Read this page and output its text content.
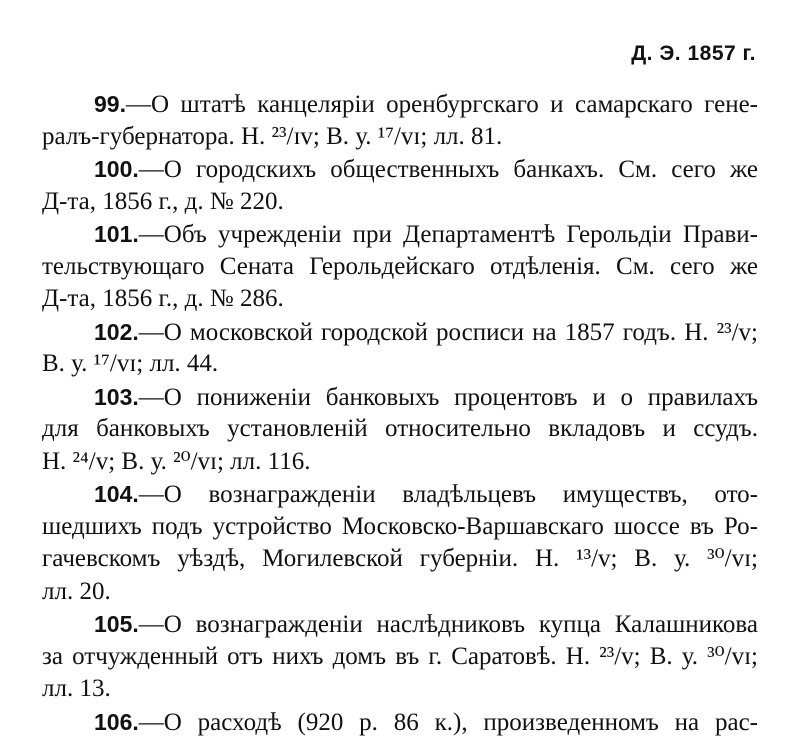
Д. Э. 1857 г.
99.—О штатѣ канцеляріи оренбургскаго и самарскаго гене-
ралъ-губернатора. Н. ²³/ɪv; В. у. ¹⁷/ᴠɪ; лл. 81.
100.—О городскихъ общественныхъ банкахъ. См. сего же
Д-та, 1856 г., д. № 220.
101.—Объ учрежденіи при Департаментѣ Герольдіи Прави-
тельствующаго Сената Герольдейскаго отдѣленія. См. сего же
Д-та, 1856 г., д. № 286.
102.—О московской городской росписи на 1857 годъ. Н. ²³/ᴠ;
В. у. ¹⁷/ᴠɪ; лл. 44.
103.—О пониженіи банковыхъ процентовъ и о правилахъ
для банковыхъ установленій относительно вкладовъ и ссудъ.
Н. ²⁴/ᴠ; В. у. ²⁰/ᴠɪ; лл. 116.
104.—О вознагражденіи владѣльцевъ имуществъ, ото-
шедшихъ подъ устройство Московско-Варшавскаго шоссе въ Ро-
гачевскомъ уѣздѣ, Могилевской губерніи. Н. ¹³/ᴠ; В. у. ³⁰/ᴠɪ;
лл. 20.
105.—О вознагражденіи наслѣдниковъ купца Калашникова
за отчужденный отъ нихъ домъ въ г. Саратовѣ. Н. ²³/ᴠ; В. у. ³⁰/ᴠɪ;
лл. 13.
106.—О расходѣ (920 р. 86 к.), произведенномъ на рас-
